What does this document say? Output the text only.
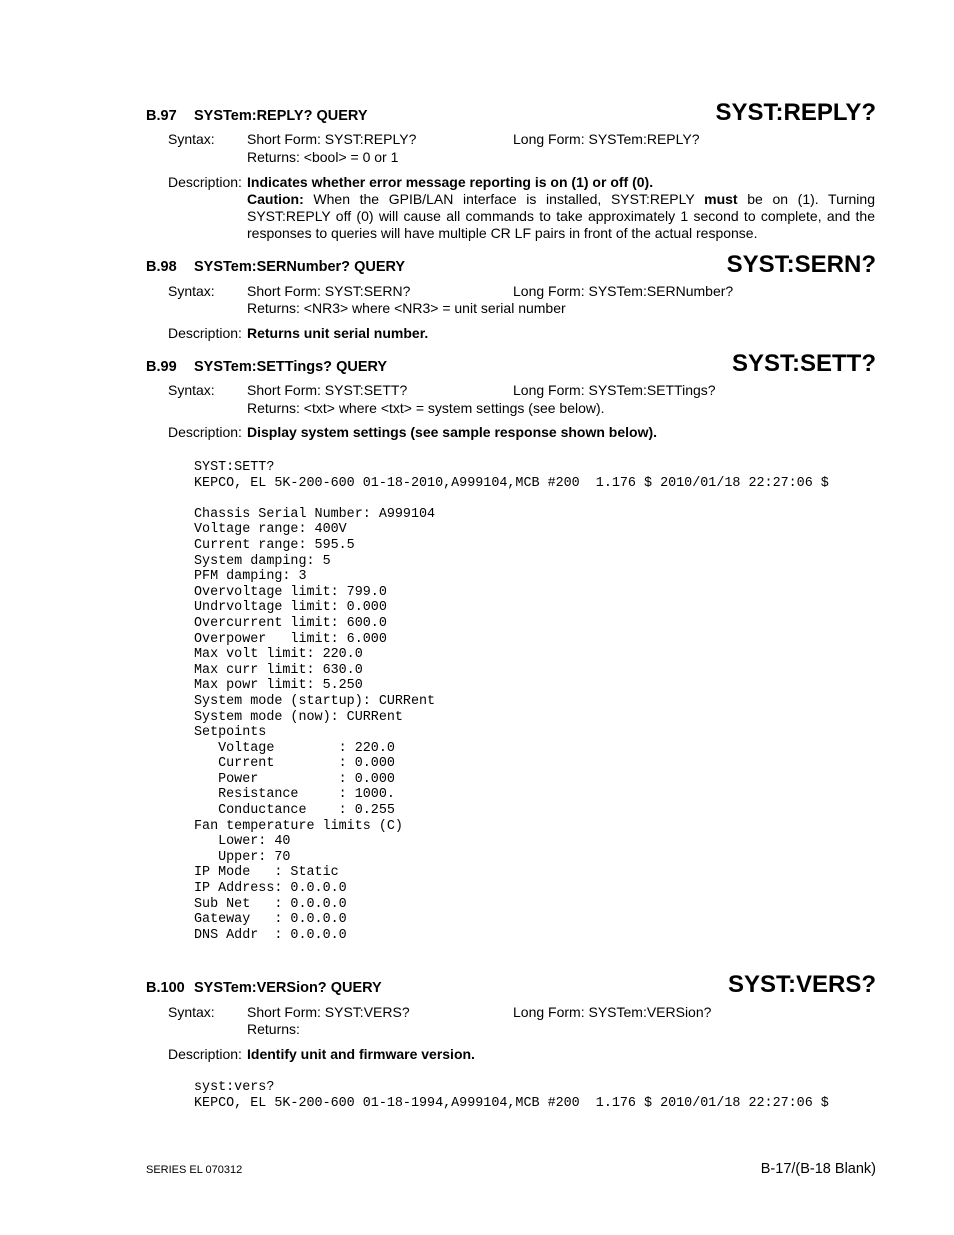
B.97 SYSTem:REPLY? QUERY	SYST:REPLY?
Syntax: Short Form: SYST:REPLY?	Long Form: SYSTem:REPLY?
Returns: <bool> = 0 or 1
Description: Indicates whether error message reporting is on (1) or off (0).
Caution: When the GPIB/LAN interface is installed, SYST:REPLY must be on (1). Turning SYST:REPLY off (0) will cause all commands to take approximately 1 second to complete, and the responses to queries will have multiple CR LF pairs in front of the actual response.
B.98 SYSTem:SERNumber? QUERY	SYST:SERN?
Syntax: Short Form: SYST:SERN?	Long Form: SYSTem:SERNumber?
Returns: <NR3> where <NR3> = unit serial number
Description: Returns unit serial number.
B.99 SYSTem:SETTings? QUERY	SYST:SETT?
Syntax: Short Form: SYST:SETT?	Long Form: SYSTem:SETTings?
Returns: <txt> where <txt> = system settings (see below).
Description: Display system settings (see sample response shown below).
SYST:SETT?
KEPCO, EL 5K-200-600 01-18-2010,A999104,MCB #200  1.176 $ 2010/01/18 22:27:06 $

Chassis Serial Number: A999104
Voltage range: 400V
Current range: 595.5
System damping: 5
PFM damping: 3
Overvoltage limit: 799.0
Undrvoltage limit: 0.000
Overcurrent limit: 600.0
Overpower   limit: 6.000
Max volt limit: 220.0
Max curr limit: 630.0
Max powr limit: 5.250
System mode (startup): CURRent
System mode (now): CURRent
Setpoints
Voltage        : 220.0
Current        : 0.000
Power          : 0.000
Resistance     : 1000.
Conductance    : 0.255
Fan temperature limits (C)
Lower: 40
Upper: 70
IP Mode   : Static
IP Address: 0.0.0.0
Sub Net   : 0.0.0.0
Gateway   : 0.0.0.0
DNS Addr  : 0.0.0.0
B.100 SYSTem:VERSion? QUERY	SYST:VERS?
Syntax: Short Form: SYST:VERS?	Long Form: SYSTem:VERSion?
Returns:
Description: Identify unit and firmware version.
syst:vers?
KEPCO, EL 5K-200-600 01-18-1994,A999104,MCB #200  1.176 $ 2010/01/18 22:27:06 $
SERIES EL 070312	B-17/(B-18 Blank)
